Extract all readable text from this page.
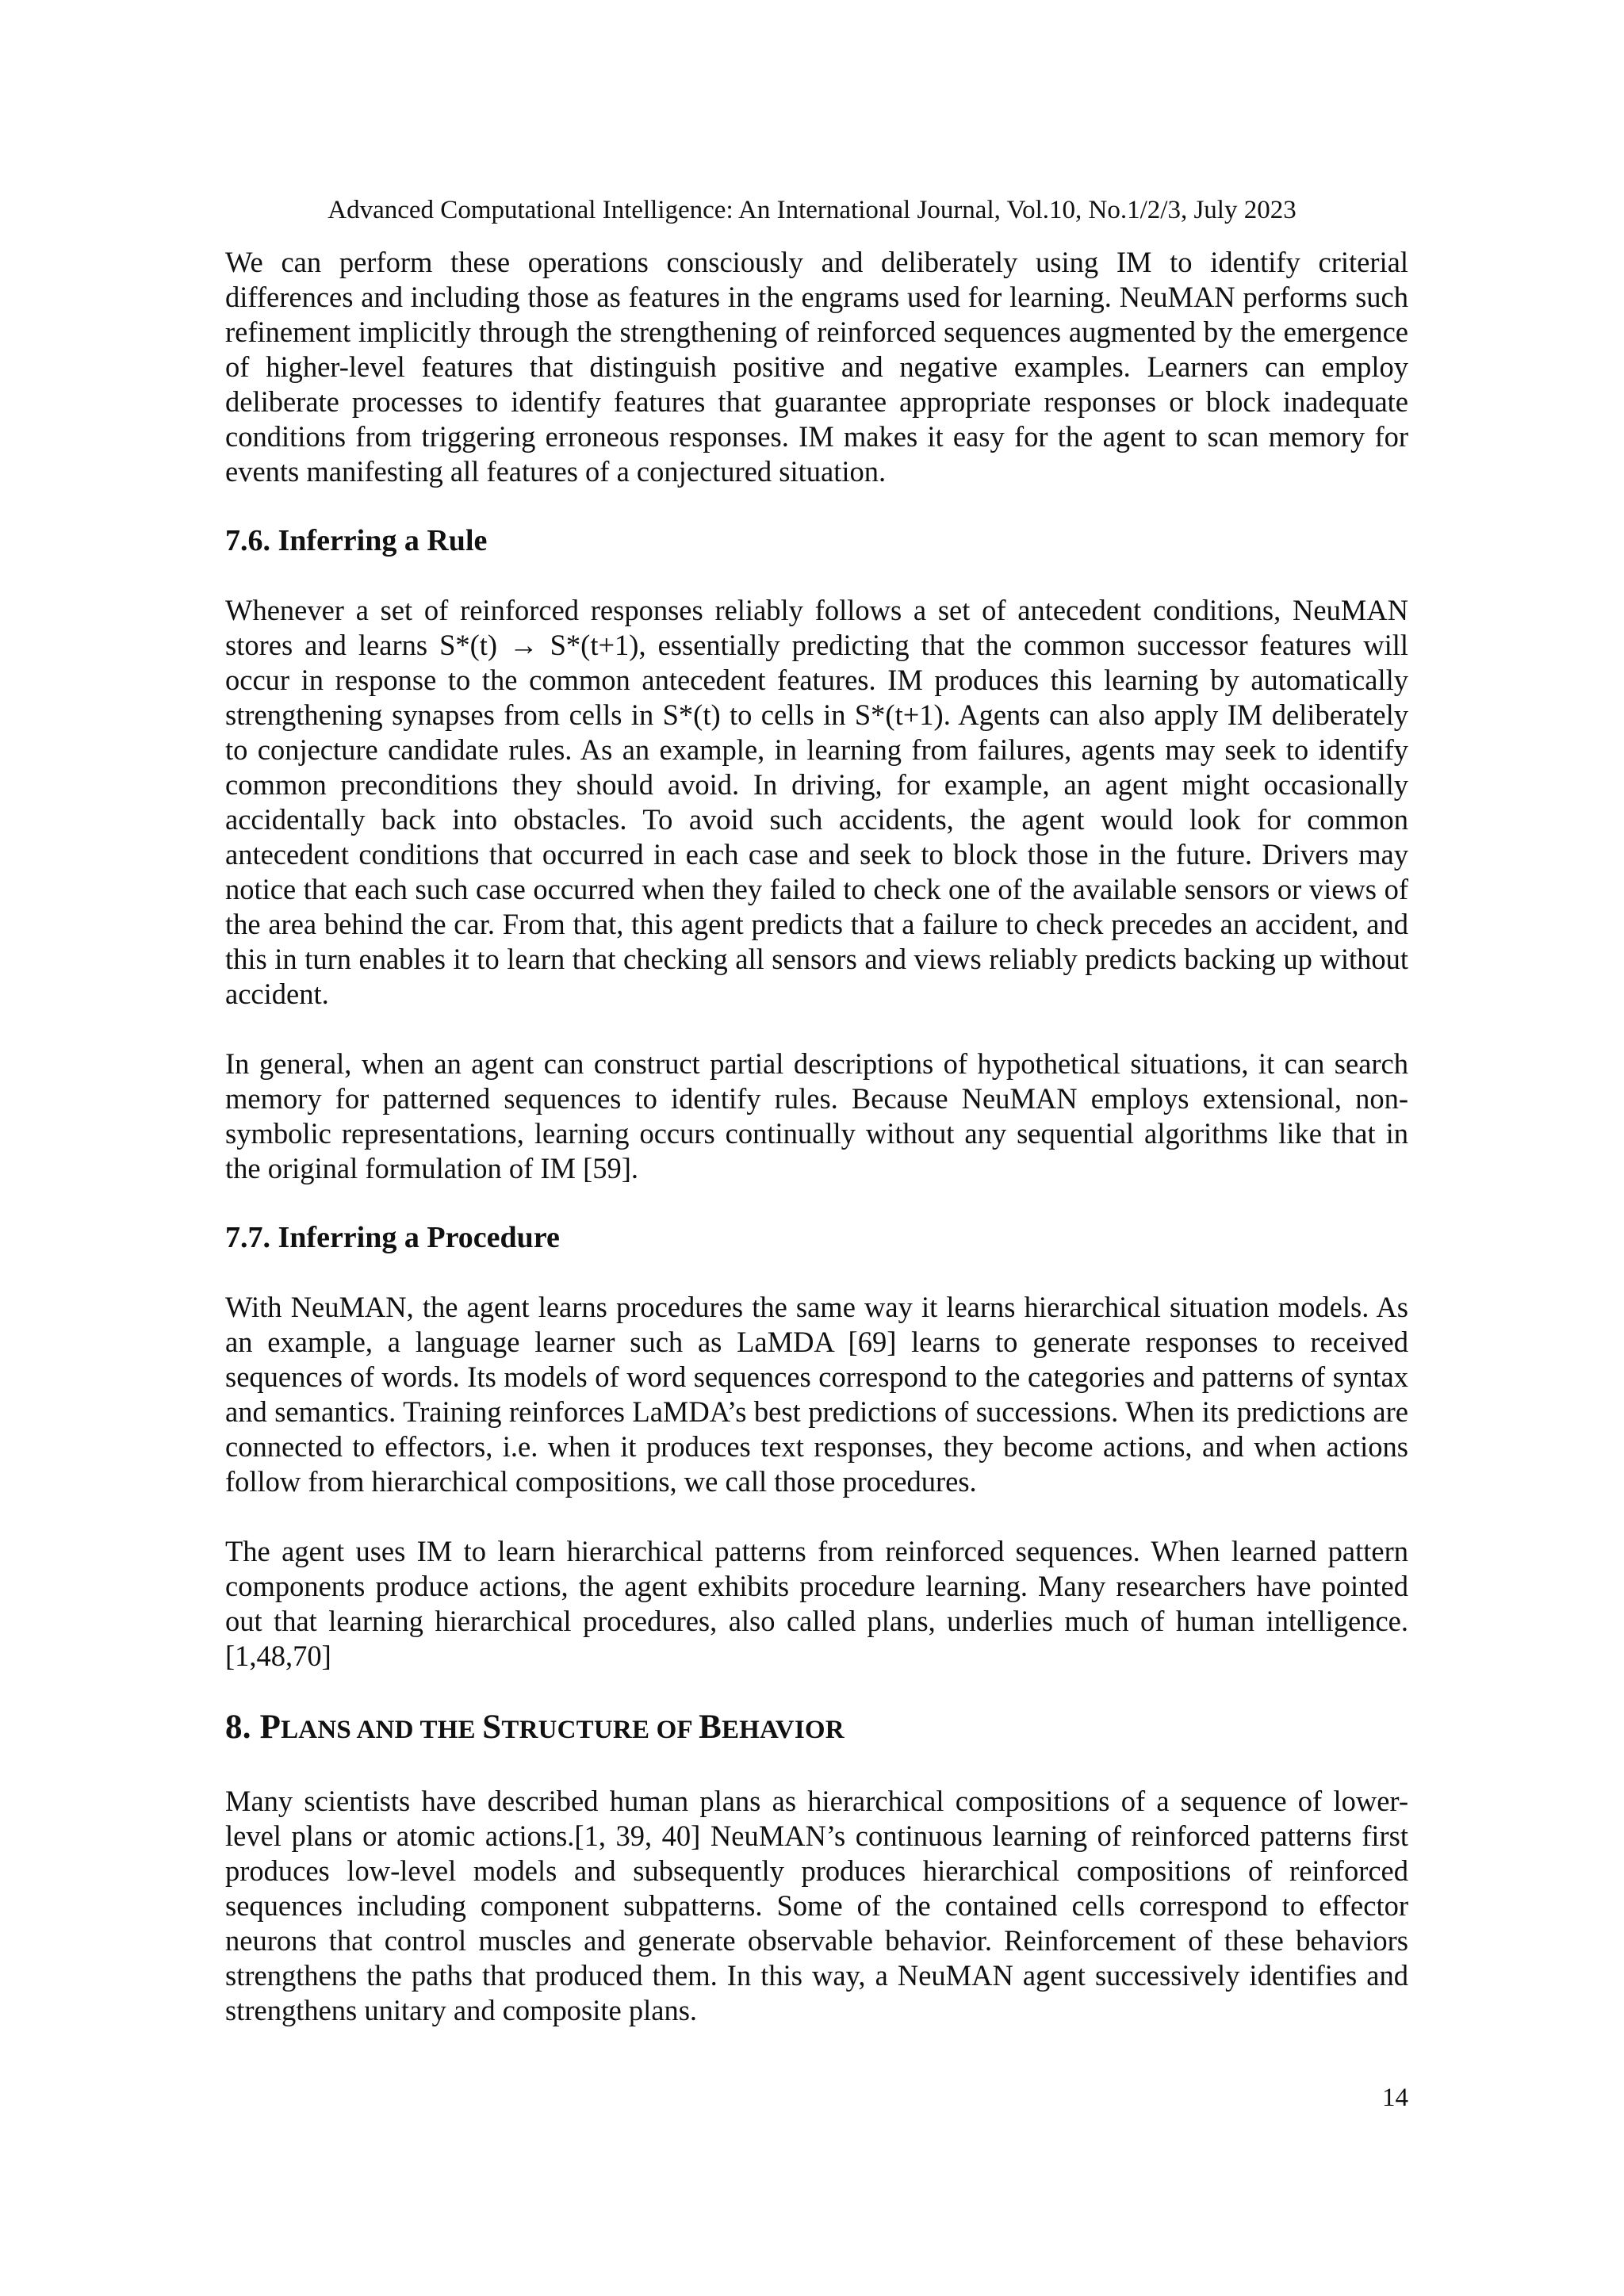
Advanced Computational Intelligence: An International Journal, Vol.10, No.1/2/3, July 2023

We can perform these operations consciously and deliberately using IM to identify criterial differences and including those as features in the engrams used for learning. NeuMAN performs such refinement implicitly through the strengthening of reinforced sequences augmented by the emergence of higher-level features that distinguish positive and negative examples. Learners can employ deliberate processes to identify features that guarantee appropriate responses or block inadequate conditions from triggering erroneous responses. IM makes it easy for the agent to scan memory for events manifesting all features of a conjectured situation.

7.6. Inferring a Rule

Whenever a set of reinforced responses reliably follows a set of antecedent conditions, NeuMAN stores and learns S*(t) → S*(t+1), essentially predicting that the common successor features will occur in response to the common antecedent features. IM produces this learning by automatically strengthening synapses from cells in S*(t) to cells in S*(t+1). Agents can also apply IM deliberately to conjecture candidate rules. As an example, in learning from failures, agents may seek to identify common preconditions they should avoid. In driving, for example, an agent might occasionally accidentally back into obstacles. To avoid such accidents, the agent would look for common antecedent conditions that occurred in each case and seek to block those in the future. Drivers may notice that each such case occurred when they failed to check one of the available sensors or views of the area behind the car. From that, this agent predicts that a failure to check precedes an accident, and this in turn enables it to learn that checking all sensors and views reliably predicts backing up without accident.

In general, when an agent can construct partial descriptions of hypothetical situations, it can search memory for patterned sequences to identify rules. Because NeuMAN employs extensional, non-symbolic representations, learning occurs continually without any sequential algorithms like that in the original formulation of IM [59].

7.7. Inferring a Procedure

With NeuMAN, the agent learns procedures the same way it learns hierarchical situation models. As an example, a language learner such as LaMDA [69] learns to generate responses to received sequences of words. Its models of word sequences correspond to the categories and patterns of syntax and semantics. Training reinforces LaMDA’s best predictions of successions. When its predictions are connected to effectors, i.e. when it produces text responses, they become actions, and when actions follow from hierarchical compositions, we call those procedures.

The agent uses IM to learn hierarchical patterns from reinforced sequences. When learned pattern components produce actions, the agent exhibits procedure learning. Many researchers have pointed out that learning hierarchical procedures, also called plans, underlies much of human intelligence.[1,48,70]

8. PLANS AND THE STRUCTURE OF BEHAVIOR

Many scientists have described human plans as hierarchical compositions of a sequence of lower-level plans or atomic actions.[1, 39, 40] NeuMAN’s continuous learning of reinforced patterns first produces low-level models and subsequently produces hierarchical compositions of reinforced sequences including component subpatterns. Some of the contained cells correspond to effector neurons that control muscles and generate observable behavior. Reinforcement of these behaviors strengthens the paths that produced them. In this way, a NeuMAN agent successively identifies and strengthens unitary and composite plans.

14
